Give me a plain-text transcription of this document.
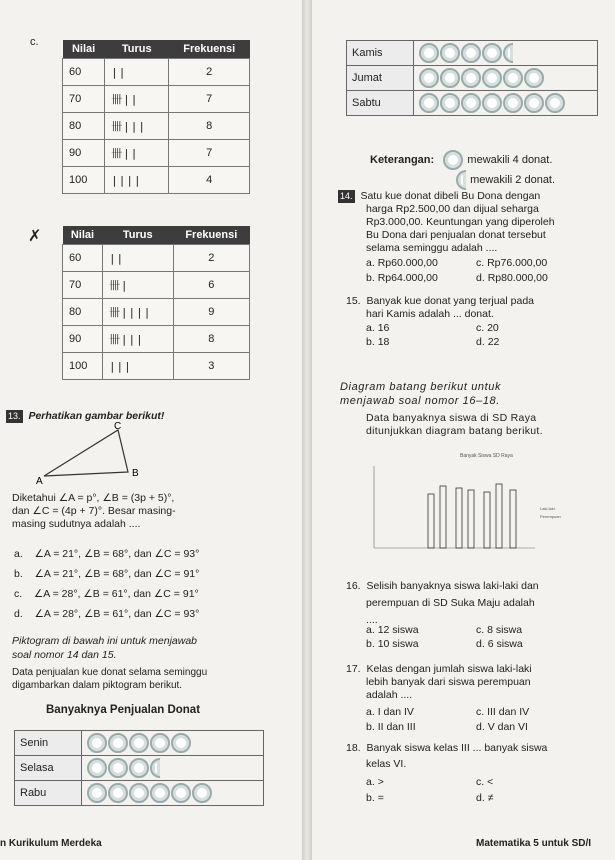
c.
Nilai	Turus	Frekuensi
60	||	2
70	卌||	7
80	卌|||	8
90	卌||	7
100	||||	4
✗	Nilai	Turus	Frekuensi
60	||	2
70	卌|	6
80	卌||||	9
90	卌|||	8
100	|||	3
13. Perhatikan gambar berikut!
C
B
A
Diketahui ∠A = p°, ∠B = (3p + 5)°,
dan ∠C = (4p + 7)°. Besar masing-
masing sudutnya adalah ....
a. ∠A = 21°, ∠B = 68°, dan ∠C = 93°
b. ∠A = 21°, ∠B = 68°, dan ∠C = 91°
c. ∠A = 28°, ∠B = 61°, dan ∠C = 91°
d. ∠A = 28°, ∠B = 61°, dan ∠C = 93°
Piktogram di bawah ini untuk menjawab
soal nomor 14 dan 15.
Data penjualan kue donat selama seminggu
digambarkan dalam piktogram berikut.
Banyaknya Penjualan Donat
Senin	
Selasa	
Rabu	
n Kurikulum Merdeka
Kamis	
Jumat	
Sabtu	
Keterangan:	mewakili 4 donat.
mewakili 2 donat.
14. Satu kue donat dibeli Bu Dona dengan
harga Rp2.500,00 dan dijual seharga
Rp3.000,00. Keuntungan yang diperoleh
Bu Dona dari penjualan donat tersebut
selama seminggu adalah ....
a. Rp60.000,00	c. Rp76.000,00
b. Rp64.000,00	d. Rp80.000,00
15. Banyak kue donat yang terjual pada
hari Kamis adalah ... donat.
a. 16	c. 20
b. 18	d. 22
Diagram batang berikut untuk
menjawab soal nomor 16–18.
Data banyaknya siswa di SD Raya
ditunjukkan diagram batang berikut.
Banyak Siswa SD Raya
Laki-laki
Perempuan
16. Selisih banyaknya siswa laki-laki dan
perempuan di SD Suka Maju adalah
....
a. 12 siswa	c. 8 siswa
b. 10 siswa	d. 6 siswa
17. Kelas dengan jumlah siswa laki-laki
lebih banyak dari siswa perempuan
adalah ....
a. I dan IV	c. III dan IV
b. II dan III	d. V dan VI
18. Banyak siswa kelas III ... banyak siswa
kelas VI.
a. >	c. <
b. =	d. ≠
Matematika 5 untuk SD/I
